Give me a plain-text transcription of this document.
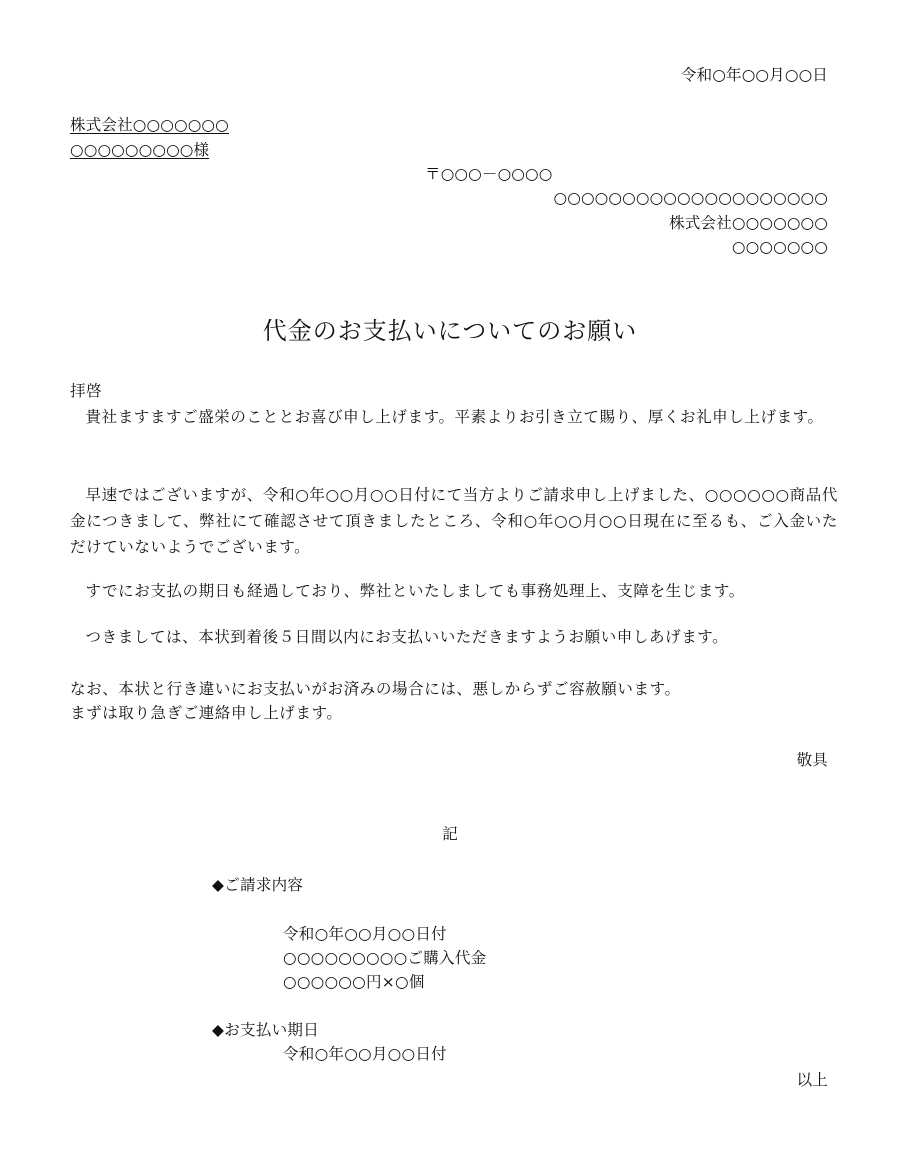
令和○年○○月○○日
株式会社○○○○○○○
○○○○○○○○○様
〒○○○－○○○○
○○○○○○○○○○○○○○○○○○○○
株式会社○○○○○○○
○○○○○○○
代金のお支払いについてのお願い
拝啓
貴社ますますご盛栄のこととお喜び申し上げます。平素よりお引き立て賜り、厚くお礼申し上げます。
早速ではございますが、令和○年○○月○○日付にて当方よりご請求申し上げました、○○○○○○商品代金につきまして、弊社にて確認させて頂きましたところ、令和○年○○月○○日現在に至るも、ご入金いただけていないようでございます。
すでにお支払の期日も経過しており、弊社といたしましても事務処理上、支障を生じます。
つきましては、本状到着後５日間以内にお支払いいただきますようお願い申しあげます。
なお、本状と行き違いにお支払いがお済みの場合には、悪しからずご容赦願います。
まずは取り急ぎご連絡申し上げます。
敬具
記
◆ご請求内容
令和○年○○月○○日付
○○○○○○○○○ご購入代金
○○○○○○円×○個
◆お支払い期日
令和○年○○月○○日付
以上
